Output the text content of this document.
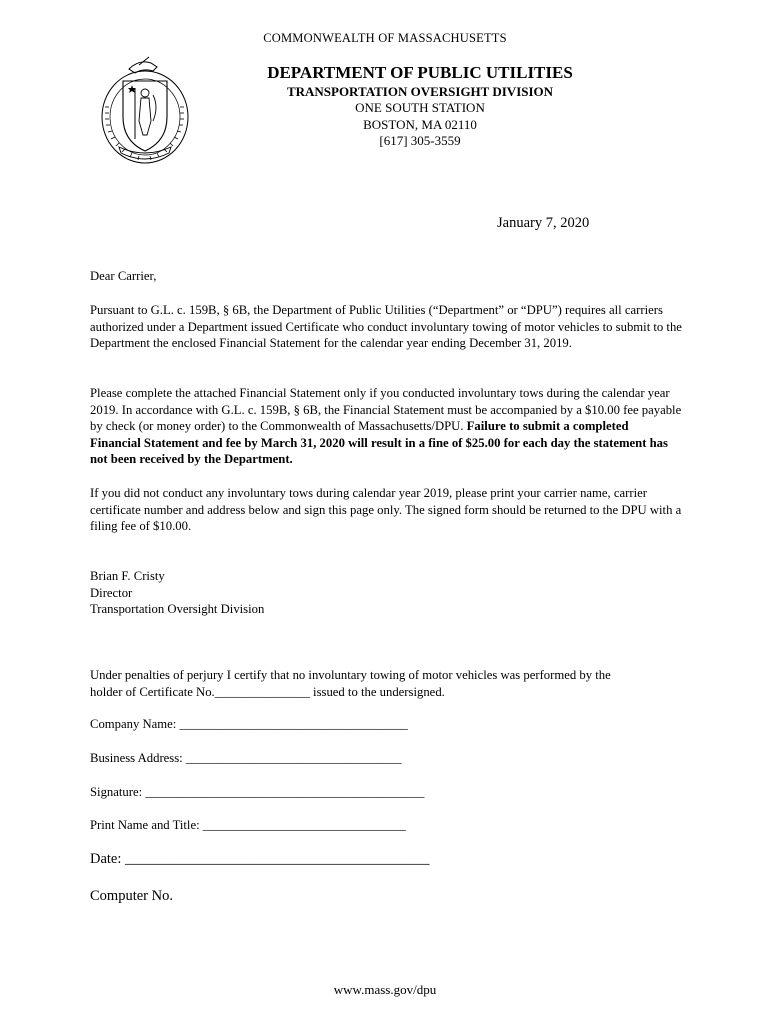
COMMONWEALTH OF MASSACHUSETTS
DEPARTMENT OF PUBLIC UTILITIES
TRANSPORTATION OVERSIGHT DIVISION
ONE SOUTH STATION
BOSTON, MA 02110
[617] 305-3559
January 7, 2020
Dear Carrier,
Pursuant to G.L. c. 159B, § 6B, the Department of Public Utilities (“Department” or “DPU”) requires all carriers authorized under a Department issued Certificate who conduct involuntary towing of motor vehicles to submit to the Department the enclosed Financial Statement for the calendar year ending December 31, 2019.
Please complete the attached Financial Statement only if you conducted involuntary tows during the calendar year 2019. In accordance with G.L. c. 159B, § 6B, the Financial Statement must be accompanied by a $10.00 fee payable by check (or money order) to the Commonwealth of Massachusetts/DPU. Failure to submit a completed Financial Statement and fee by March 31, 2020 will result in a fine of $25.00 for each day the statement has not been received by the Department.
If you did not conduct any involuntary tows during calendar year 2019, please print your carrier name, carrier certificate number and address below and sign this page only. The signed form should be returned to the DPU with a filing fee of $10.00.
Brian F. Cristy
Director
Transportation Oversight Division
Under penalties of perjury I certify that no involuntary towing of motor vehicles was performed by the
holder of Certificate No._______________ issued to the undersigned.
Company Name: ____________________________________
Business Address: __________________________________
Signature: ____________________________________________
Print Name and Title: ________________________________
Date: __________________________________________
Computer No.
www.mass.gov/dpu
